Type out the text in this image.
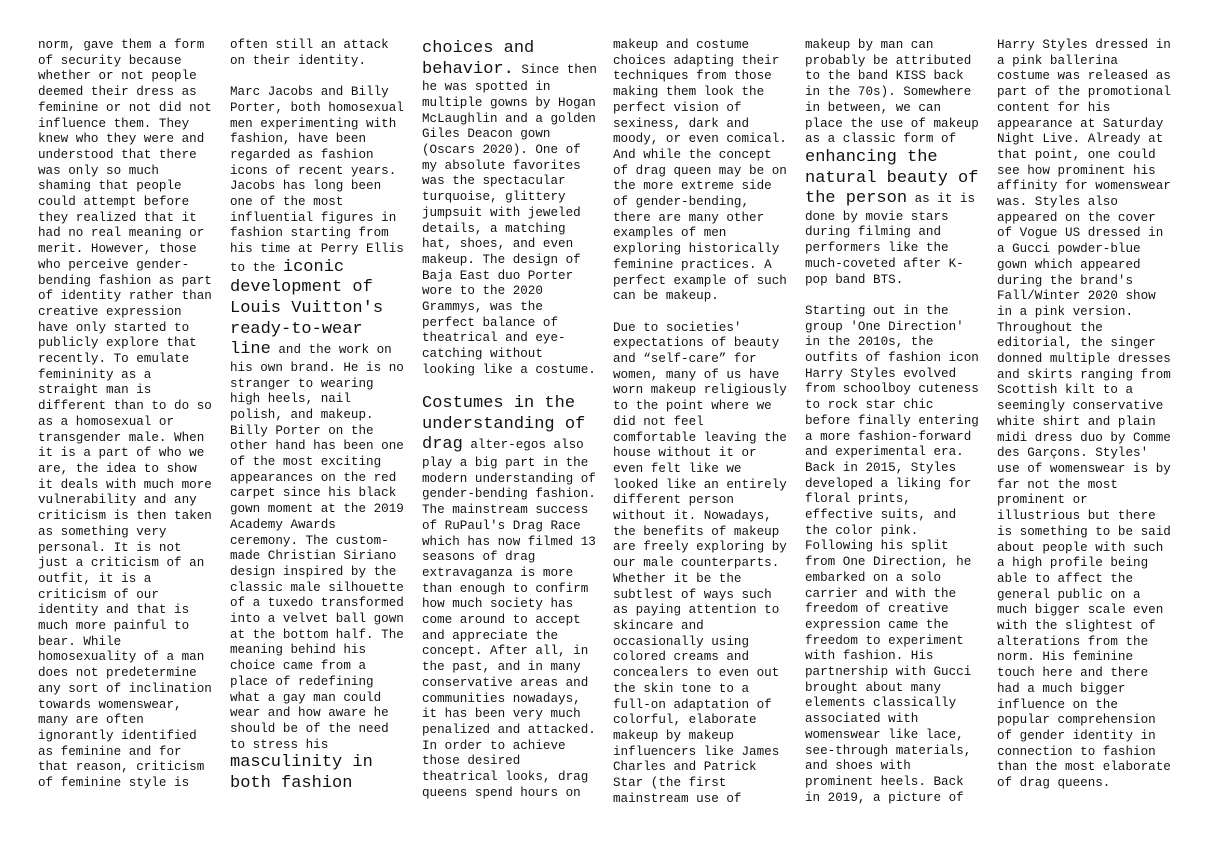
norm, gave them a form

of security because

whether or not people

deemed their dress as

feminine or not did not

influence them. They

knew who they were and

understood that there

was only so much

shaming that people

could attempt before

they realized that it

had no real meaning or

merit. However, those

who perceive gender-

bending fashion as part

of identity rather than

creative expression

have only started to

publicly explore that

recently. To emulate

femininity as a

straight man is

different than to do so

as a homosexual or

transgender male. When

it is a part of who we

are, the idea to show

it deals with much more

vulnerability and any

criticism is then taken

as something very

personal. It is not

just a criticism of an

outfit, it is a

criticism of our

identity and that is

much more painful to

bear. While

homosexuality of a man

does not predetermine

any sort of inclination

towards womenswear,

many are often

ignorantly identified

as feminine and for

that reason, criticism

of feminine style is

often still an attack

on their identity.

Marc Jacobs and Billy

Porter, both homosexual

men experimenting with

fashion, have been

regarded as fashion

icons of recent years.

Jacobs has long been

one of the most

influential figures in

fashion starting from

his time at Perry Ellis

to the iconic

development of

Louis Vuitton's

ready-to-wear

line and the work on

his own brand. He is no

stranger to wearing

high heels, nail

polish, and makeup.

Billy Porter on the

other hand has been one

of the most exciting

appearances on the red

carpet since his black

gown moment at the 2019

Academy Awards

ceremony. The custom-

made Christian Siriano

design inspired by the

classic male silhouette

of a tuxedo transformed

into a velvet ball gown

at the bottom half. The

meaning behind his

choice came from a

place of redefining

what a gay man could

wear and how aware he

should be of the need

to stress his

masculinity in

both fashion

choices and

behavior. Since then

he was spotted in

multiple gowns by Hogan

McLaughlin and a golden

Giles Deacon gown

(Oscars 2020). One of

my absolute favorites

was the spectacular

turquoise, glittery

jumpsuit with jeweled

details, a matching

hat, shoes, and even

makeup. The design of

Baja East duo Porter

wore to the 2020

Grammys, was the

perfect balance of

theatrical and eye-

catching without

looking like a costume.

Costumes in the

understanding of

drag alter-egos also

play a big part in the

modern understanding of

gender-bending fashion.

The mainstream success

of RuPaul's Drag Race

which has now filmed 13

seasons of drag

extravaganza is more

than enough to confirm

how much society has

come around to accept

and appreciate the

concept. After all, in

the past, and in many

conservative areas and

communities nowadays,

it has been very much

penalized and attacked.

In order to achieve

those desired

theatrical looks, drag

queens spend hours on

makeup and costume

choices adapting their

techniques from those

making them look the

perfect vision of

sexiness, dark and

moody, or even comical.

And while the concept

of drag queen may be on

the more extreme side

of gender-bending,

there are many other

examples of men

exploring historically

feminine practices. A

perfect example of such

can be makeup.

Due to societies'

expectations of beauty

and “self-care” for

women, many of us have

worn makeup religiously

to the point where we

did not feel

comfortable leaving the

house without it or

even felt like we

looked like an entirely

different person

without it. Nowadays,

the benefits of makeup

are freely exploring by

our male counterparts.

Whether it be the

subtlest of ways such

as paying attention to

skincare and

occasionally using

colored creams and

concealers to even out

the skin tone to a

full-on adaptation of

colorful, elaborate

makeup by makeup

influencers like James

Charles and Patrick

Star (the first

mainstream use of

makeup by man can

probably be attributed

to the band KISS back

in the 70s). Somewhere

in between, we can

place the use of makeup

as a classic form of

enhancing the

natural beauty of

the person as it is

done by movie stars

during filming and

performers like the

much-coveted after K-

pop band BTS.

Starting out in the

group 'One Direction'

in the 2010s, the

outfits of fashion icon

Harry Styles evolved

from schoolboy cuteness

to rock star chic

before finally entering

a more fashion-forward

and experimental era.

Back in 2015, Styles

developed a liking for

floral prints,

effective suits, and

the color pink.

Following his split

from One Direction, he

embarked on a solo

carrier and with the

freedom of creative

expression came the

freedom to experiment

with fashion. His

partnership with Gucci

brought about many

elements classically

associated with

womenswear like lace,

see-through materials,

and shoes with

prominent heels. Back

in 2019, a picture of

Harry Styles dressed in

a pink ballerina

costume was released as

part of the promotional

content for his

appearance at Saturday

Night Live. Already at

that point, one could

see how prominent his

affinity for womenswear

was. Styles also

appeared on the cover

of Vogue US dressed in

a Gucci powder-blue

gown which appeared

during the brand's

Fall/Winter 2020 show

in a pink version.

Throughout the

editorial, the singer

donned multiple dresses

and skirts ranging from

Scottish kilt to a

seemingly conservative

white shirt and plain

midi dress duo by Comme

des Garçons. Styles'

use of womenswear is by

far not the most

prominent or

illustrious but there

is something to be said

about people with such

a high profile being

able to affect the

general public on a

much bigger scale even

with the slightest of

alterations from the

norm. His feminine

touch here and there

had a much bigger

influence on the

popular comprehension

of gender identity in

connection to fashion

than the most elaborate

of drag queens.
